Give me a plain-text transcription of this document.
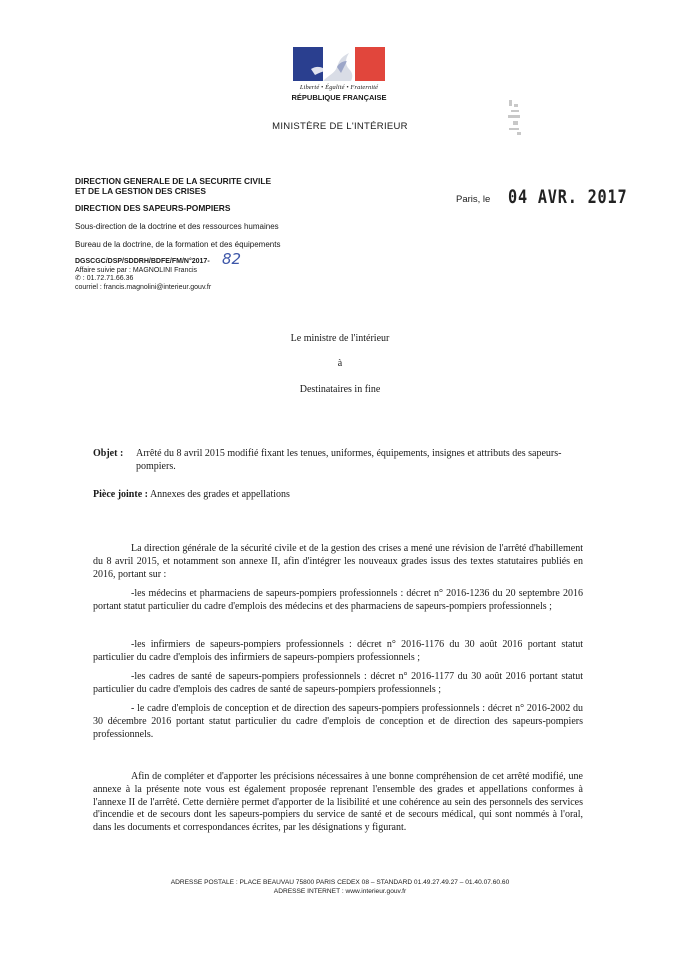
Liberté • Égalité • Fraternité
RÉPUBLIQUE FRANÇAISE
MINISTÈRE DE L'INTÉRIEUR
DIRECTION GENERALE DE LA SECURITE CIVILE
ET DE LA GESTION DES CRISES
DIRECTION DES SAPEURS-POMPIERS
Sous-direction de la doctrine et des ressources humaines
Bureau de la doctrine, de la formation et des équipements
DGSCGC/DSP/SDDRH/BDFE/FM/N°2017-
Affaire suivie par : MAGNOLINI Francis
✆ : 01.72.71.66.36
courriel : francis.magnolini@interieur.gouv.fr
82
Paris, le 04 AVR. 2017
Le ministre de l'intérieur
à
Destinataires in fine
Objet : Arrêté du 8 avril 2015 modifié fixant les tenues, uniformes, équipements, insignes et attributs des sapeurs-pompiers.
Pièce jointe : Annexes des grades et appellations
La direction générale de la sécurité civile et de la gestion des crises a mené une révision de l'arrêté d'habillement du 8 avril 2015, et notamment son annexe II, afin d'intégrer les nouveaux grades issus des textes statutaires publiés en 2016, portant sur :
-les médecins et pharmaciens de sapeurs-pompiers professionnels : décret n° 2016-1236 du 20 septembre 2016 portant statut particulier du cadre d'emplois des médecins et des pharmaciens de sapeurs-pompiers professionnels ;
-les infirmiers de sapeurs-pompiers professionnels : décret n° 2016-1176 du 30 août 2016 portant statut particulier du cadre d'emplois des infirmiers de sapeurs-pompiers professionnels ;
-les cadres de santé de sapeurs-pompiers professionnels : décret n° 2016-1177 du 30 août 2016 portant statut particulier du cadre d'emplois des cadres de santé de sapeurs-pompiers professionnels ;
- le cadre d'emplois de conception et de direction des sapeurs-pompiers professionnels : décret n° 2016-2002 du 30 décembre 2016 portant statut particulier du cadre d'emplois de conception et de direction des sapeurs-pompiers professionnels.
Afin de compléter et d'apporter les précisions nécessaires à une bonne compréhension de cet arrêté modifié, une annexe à la présente note vous est également proposée reprenant l'ensemble des grades et appellations conformes à l'annexe II de l'arrêté. Cette dernière permet d'apporter de la lisibilité et une cohérence au sein des personnels des services d'incendie et de secours dont les sapeurs-pompiers du service de santé et de secours médical, qui sont nommés à l'oral, dans les documents et correspondances écrites, par les désignations y figurant.
ADRESSE POSTALE : PLACE BEAUVAU 75800 PARIS CEDEX 08 – STANDARD 01.49.27.49.27 – 01.40.07.60.60
ADRESSE INTERNET : www.interieur.gouv.fr
